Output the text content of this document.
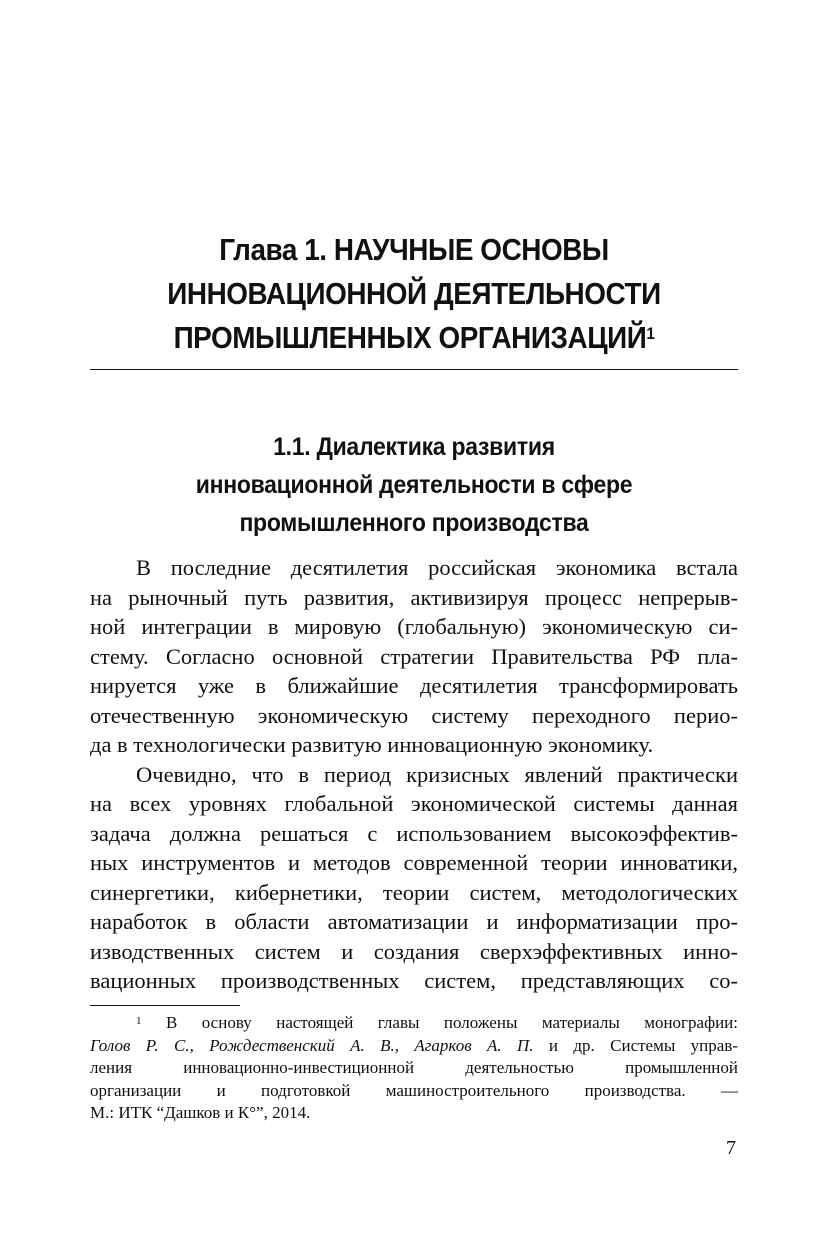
Глава 1. НАУЧНЫЕ ОСНОВЫ
ИННОВАЦИОННОЙ ДЕЯТЕЛЬНОСТИ
ПРОМЫШЛЕННЫХ ОРГАНИЗАЦИЙ$^1$
1.1. Диалектика развития
инновационной деятельности в сфере
промышленного производства

В последние десятилетия российская экономика встала
на рыночный путь развития, активизируя процесс непрерыв-
ной интеграции в мировую (глобальную) экономическую си-
стему. Согласно основной стратегии Правительства РФ пла-
нируется уже в ближайшие десятилетия трансформировать
отечественную экономическую систему переходного перио-
да в технологически развитую инновационную экономику.

Очевидно, что в период кризисных явлений практически
на всех уровнях глобальной экономической системы данная
задача должна решаться с использованием высокоэффектив-
ных инструментов и методов современной теории инноватики,
синергетики, кибернетики, теории систем, методологических
наработок в области автоматизации и информатизации про-
изводственных систем и создания сверхэффективных инно-
вационных производственных систем, представляющих со-

$^1$ В основу настоящей главы положены материалы монографии:
Голов Р. С., Рождественский А. В., Агарков А. П. и др. Системы управ-
ления инновационно-инвестиционной деятельностью промышленной
организации и подготовкой машиностроительного производства. —
М.: ИТК “Дашков и К°”, 2014.
7
